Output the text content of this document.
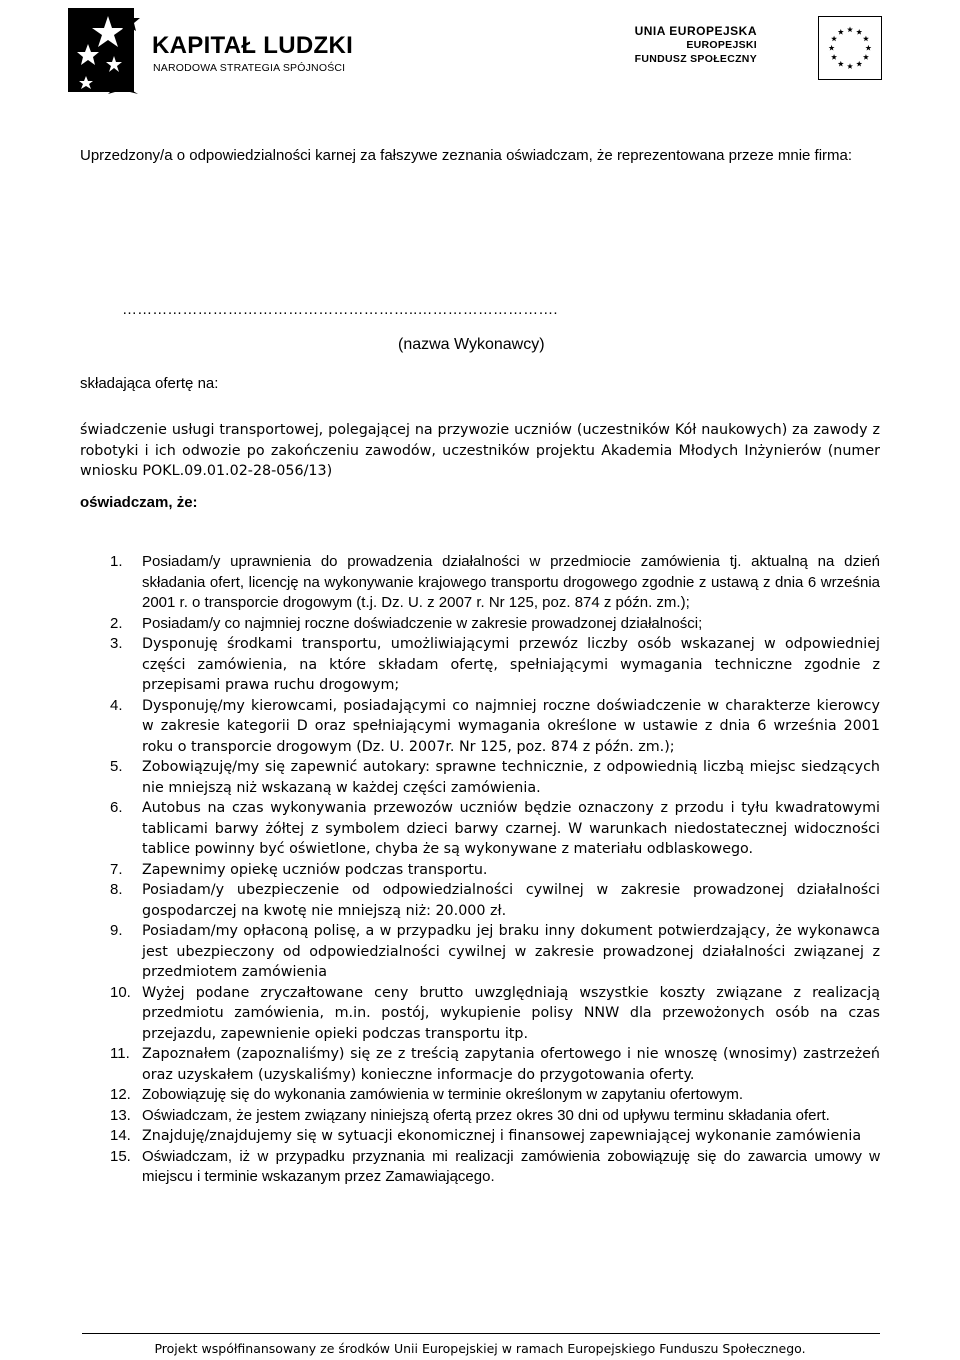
KAPITAŁ LUDZKI
NARODOWA STRATEGIA SPÓJNOŚCI
UNIA EUROPEJSKA
EUROPEJSKI
FUNDUSZ SPOŁECZNY
Uprzedzony/a o odpowiedzialności karnej za fałszywe zeznania oświadczam, że reprezentowana przeze mnie firma:
…………………………………………………..……………………….
(nazwa Wykonawcy)
składająca ofertę na:
świadczenie usługi transportowej, polegającej na przywozie uczniów (uczestników Kół naukowych) za zawody z robotyki i ich odwozie po zakończeniu zawodów, uczestników projektu Akademia Młodych Inżynierów (numer wniosku POKL.09.01.02-28-056/13)
oświadczam, że:
1. Posiadam/y uprawnienia do prowadzenia działalności w przedmiocie zamówienia tj. aktualną na dzień składania ofert, licencję na wykonywanie krajowego transportu drogowego zgodnie z ustawą z dnia 6 września 2001 r. o transporcie drogowym (t.j. Dz. U. z 2007 r. Nr 125, poz. 874 z późn. zm.);
2. Posiadam/y co najmniej roczne doświadczenie w zakresie prowadzonej działalności;
3. Dysponuję środkami transportu, umożliwiającymi przewóz liczby osób wskazanej w odpowiedniej części zamówienia, na które składam ofertę, spełniającymi wymagania techniczne zgodnie z przepisami prawa ruchu drogowym;
4. Dysponuję/my kierowcami, posiadającymi co najmniej roczne doświadczenie w charakterze kierowcy w zakresie kategorii D oraz spełniającymi wymagania określone w ustawie z dnia 6 września 2001 roku o transporcie drogowym (Dz. U. 2007r. Nr 125, poz. 874 z późn. zm.);
5. Zobowiązuję/my się zapewnić autokary: sprawne technicznie, z odpowiednią liczbą miejsc siedzących nie mniejszą niż wskazaną w każdej części zamówienia.
6. Autobus na czas wykonywania przewozów uczniów będzie oznaczony z przodu i tyłu kwadratowymi tablicami barwy żółtej z symbolem dzieci barwy czarnej. W warunkach niedostatecznej widoczności tablice powinny być oświetlone, chyba że są wykonywane z materiału odblaskowego.
7. Zapewnimy opiekę uczniów podczas transportu.
8. Posiadam/y ubezpieczenie od odpowiedzialności cywilnej w zakresie prowadzonej działalności gospodarczej na kwotę nie mniejszą niż: 20.000 zł.
9. Posiadam/my opłaconą polisę, a w przypadku jej braku inny dokument potwierdzający, że wykonawca jest ubezpieczony od odpowiedzialności cywilnej w zakresie prowadzonej działalności związanej z przedmiotem zamówienia
10. Wyżej podane zryczałtowane ceny brutto uwzględniają wszystkie koszty związane z realizacją przedmiotu zamówienia, m.in. postój, wykupienie polisy NNW dla przewożonych osób na czas przejazdu, zapewnienie opieki podczas transportu itp.
11. Zapoznałem (zapoznaliśmy) się ze z treścią zapytania ofertowego i nie wnoszę (wnosimy) zastrzeżeń oraz uzyskałem (uzyskaliśmy) konieczne informacje do przygotowania oferty.
12. Zobowiązuję się do wykonania zamówienia w terminie określonym w zapytaniu ofertowym.
13. Oświadczam, że jestem związany niniejszą ofertą przez okres 30 dni od upływu terminu składania ofert.
14. Znajduję/znajdujemy się w sytuacji ekonomicznej i finansowej zapewniającej wykonanie zamówienia
15. Oświadczam, iż w przypadku przyznania mi realizacji zamówienia zobowiązuję się do zawarcia umowy w miejscu i terminie wskazanym przez Zamawiającego.
Projekt współfinansowany ze środków Unii Europejskiej w ramach Europejskiego Funduszu Społecznego.
